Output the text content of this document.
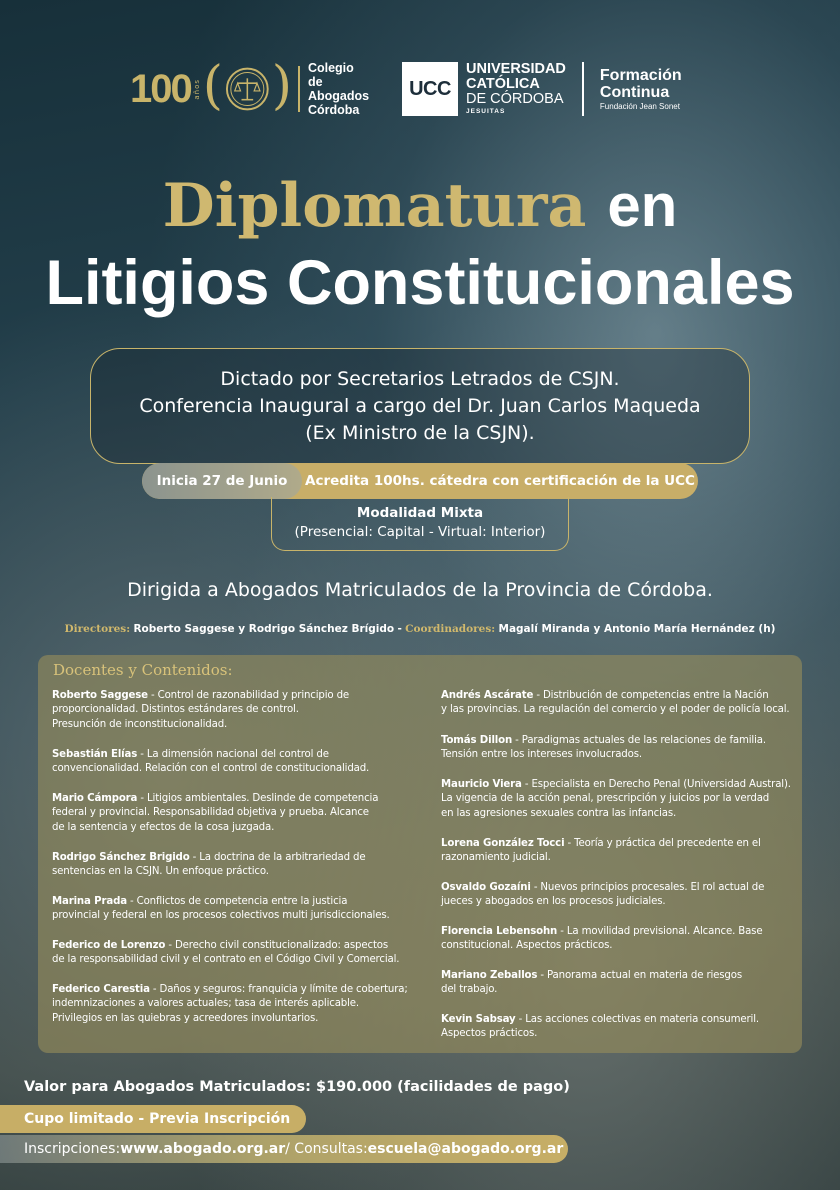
100 años ( ) Colegio de
Abogados
Córdoba
UCC
UNIVERSIDAD
CATÓLICA
DE CÓRDOBA
JESUITAS
Formación
Continua
Fundación Jean Sonet
Diplomatura en
Litigios Constitucionales
Dictado por Secretarios Letrados de CSJN.
Conferencia Inaugural a cargo del Dr. Juan Carlos Maqueda
(Ex Ministro de la CSJN).
Inicia 27 de Junio	Acredita 100hs. cátedra con certificación de la UCC
Modalidad Mixta
(Presencial: Capital - Virtual: Interior)
Dirigida a Abogados Matriculados de la Provincia de Córdoba.
Directores: Roberto Saggese y Rodrigo Sánchez Brígido - Coordinadores: Magalí Miranda y Antonio María Hernández (h)
Docentes y Contenidos:
Roberto Saggese - Control de razonabilidad y principio de
proporcionalidad. Distintos estándares de control.
Presunción de inconstitucionalidad.
Sebastián Elías - La dimensión nacional del control de
convencionalidad. Relación con el control de constitucionalidad.
Mario Cámpora - Litigios ambientales. Deslinde de competencia
federal y provincial. Responsabilidad objetiva y prueba. Alcance
de la sentencia y efectos de la cosa juzgada.
Rodrigo Sánchez Brigido - La doctrina de la arbitrariedad de
sentencias en la CSJN. Un enfoque práctico.
Marina Prada - Conflictos de competencia entre la justicia
provincial y federal en los procesos colectivos multi jurisdiccionales.
Federico de Lorenzo - Derecho civil constitucionalizado: aspectos
de la responsabilidad civil y el contrato en el Código Civil y Comercial.
Federico Carestia - Daños y seguros: franquicia y límite de cobertura;
indemnizaciones a valores actuales; tasa de interés aplicable.
Privilegios en las quiebras y acreedores involuntarios.
Andrés Ascárate - Distribución de competencias entre la Nación
y las provincias. La regulación del comercio y el poder de policía local.
Tomás Dillon - Paradigmas actuales de las relaciones de familia.
Tensión entre los intereses involucrados.
Mauricio Viera - Especialista en Derecho Penal (Universidad Austral).
La vigencia de la acción penal, prescripción y juicios por la verdad
en las agresiones sexuales contra las infancias.
Lorena González Tocci - Teoría y práctica del precedente en el
razonamiento judicial.
Osvaldo Gozaíni - Nuevos principios procesales. El rol actual de
jueces y abogados en los procesos judiciales.
Florencia Lebensohn - La movilidad previsional. Alcance. Base
constitucional. Aspectos prácticos.
Mariano Zeballos - Panorama actual en materia de riesgos
del trabajo.
Kevin Sabsay - Las acciones colectivas en materia consumeril.
Aspectos prácticos.
Valor para Abogados Matriculados: $190.000 (facilidades de pago)
Cupo limitado - Previa Inscripción
Inscripciones: www.abogado.org.ar / Consultas: escuela@abogado.org.ar
